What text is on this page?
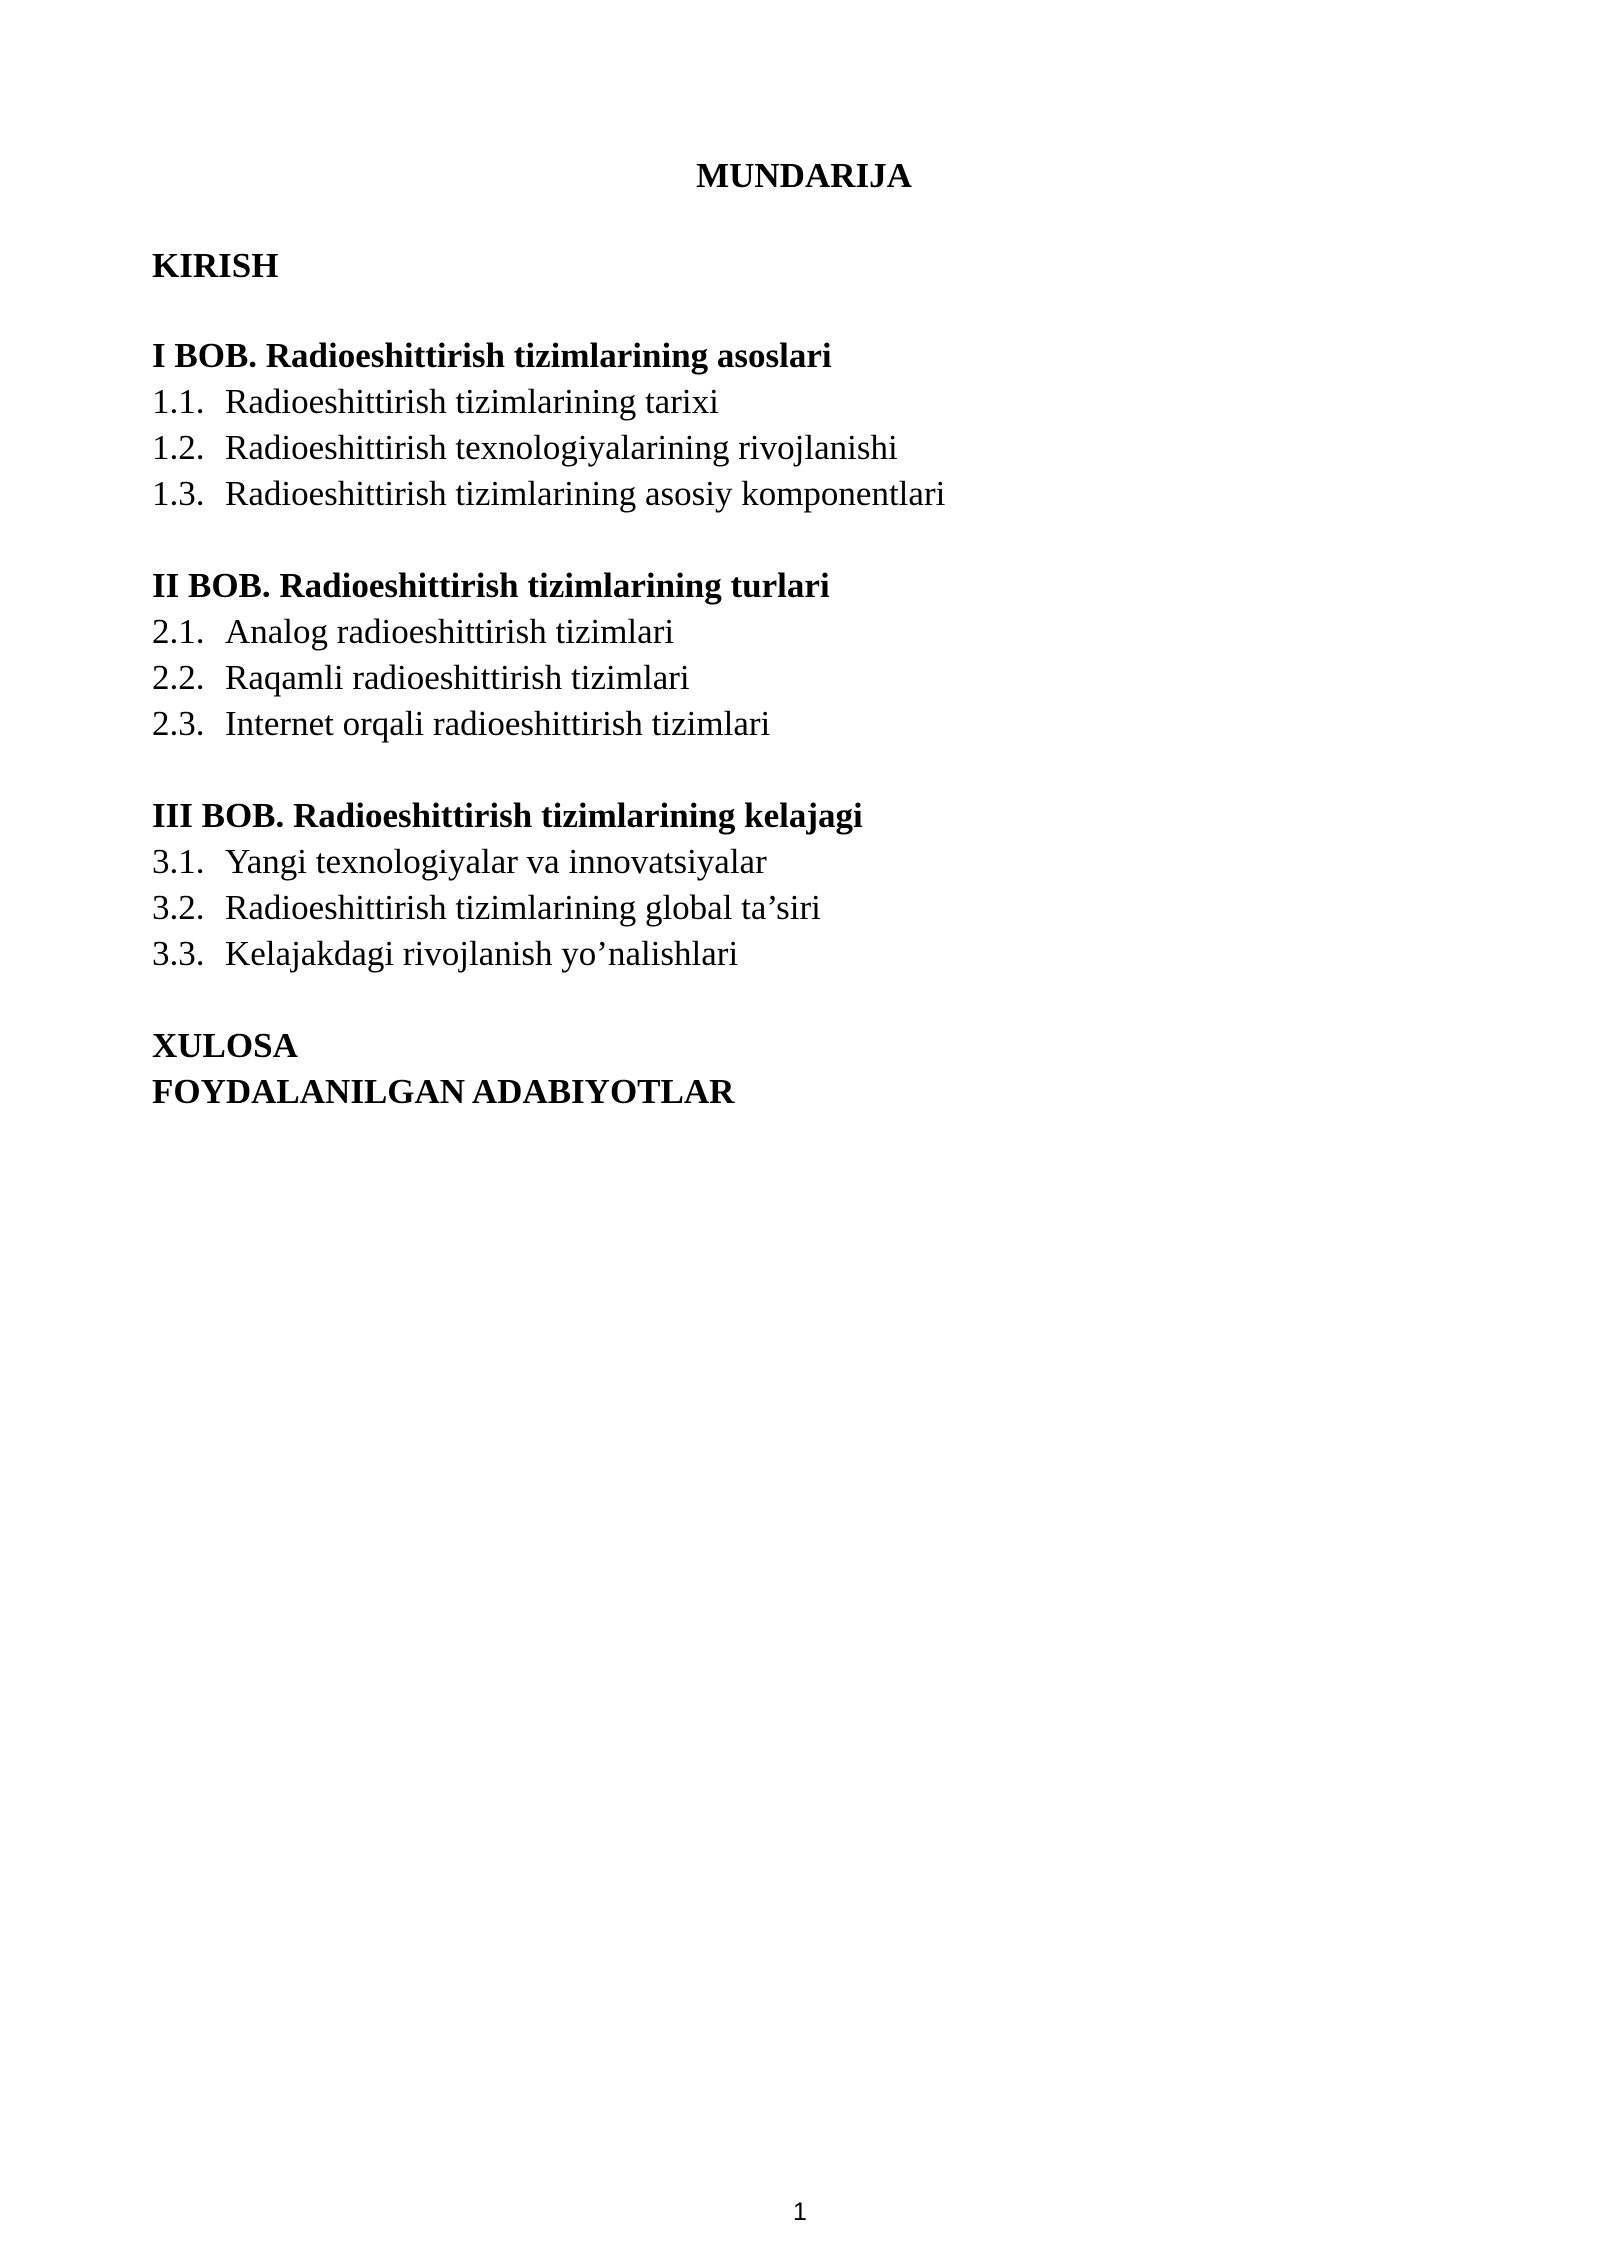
MUNDARIJA
KIRISH
I BOB. Radioeshittirish tizimlarining asoslari
1.1. Radioeshittirish tizimlarining tarixi
1.2. Radioeshittirish texnologiyalarining rivojlanishi
1.3. Radioeshittirish tizimlarining asosiy komponentlari
II BOB. Radioeshittirish tizimlarining turlari
2.1. Analog radioeshittirish tizimlari
2.2. Raqamli radioeshittirish tizimlari
2.3. Internet orqali radioeshittirish tizimlari
III BOB. Radioeshittirish tizimlarining kelajagi
3.1. Yangi texnologiyalar va innovatsiyalar
3.2. Radioeshittirish tizimlarining global ta’siri
3.3. Kelajakdagi rivojlanish yo’nalishlari
XULOSA
FOYDALANILGAN ADABIYOTLAR
1
